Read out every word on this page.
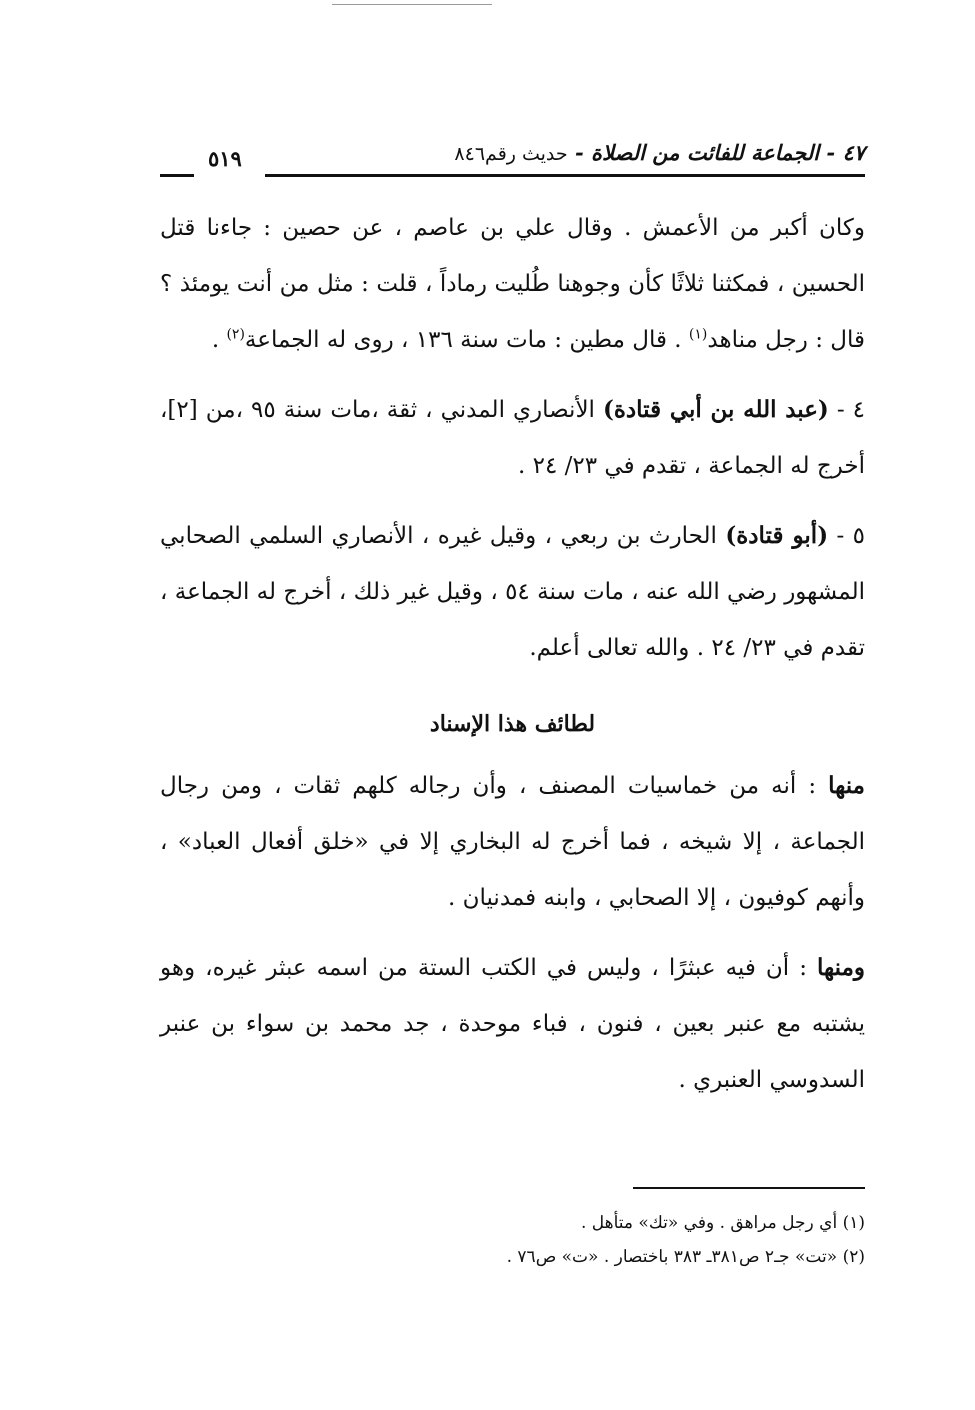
٤٧ - الجماعة للفائت من الصلاة - حديث رقم٨٤٦
٥١٩

وكان أكبر من الأعمش . وقال علي بن عاصم ، عن حصين : جاءنا قتل الحسين ، فمكثنا ثلاثًا كأن وجوهنا طُليت رماداً ، قلت : مثل من أنت يومئذ ؟ قال : رجل مناهد$^{(١)}$ . قال مطين : مات سنة ١٣٦ ، روى له الجماعة$^{(٢)}$ .

٤ - (عبد الله بن أبي قتادة) الأنصاري المدني ، ثقة ،مات سنة ٩٥ ،من [٢]، أخرج له الجماعة ، تقدم في ٢٣/ ٢٤ .

٥ - (أبو قتادة) الحارث بن ربعي ، وقيل غيره ، الأنصاري السلمي الصحابي المشهور رضي الله عنه ، مات سنة ٥٤ ، وقيل غير ذلك ، أخرج له الجماعة ، تقدم في ٢٣/ ٢٤ . والله تعالى أعلم.

لطائف هذا الإسناد

منها : أنه من خماسيات المصنف ، وأن رجاله كلهم ثقات ، ومن رجال الجماعة ، إلا شيخه ، فما أخرج له البخاري إلا في «خلق أفعال العباد» ، وأنهم كوفيون ، إلا الصحابي ، وابنه فمدنيان .

ومنها : أن فيه عبثرًا ، وليس في الكتب الستة من اسمه عبثر غيره، وهو يشتبه مع عنبر بعين ، فنون ، فباء موحدة ، جد محمد بن سواء بن عنبر السدوسي العنبري .

(١) أي رجل مراهق . وفي «تك» متأهل .

(٢) «تت» جـ٢ ص٣٨١ـ ٣٨٣ باختصار . «ت» ص٧٦ .
